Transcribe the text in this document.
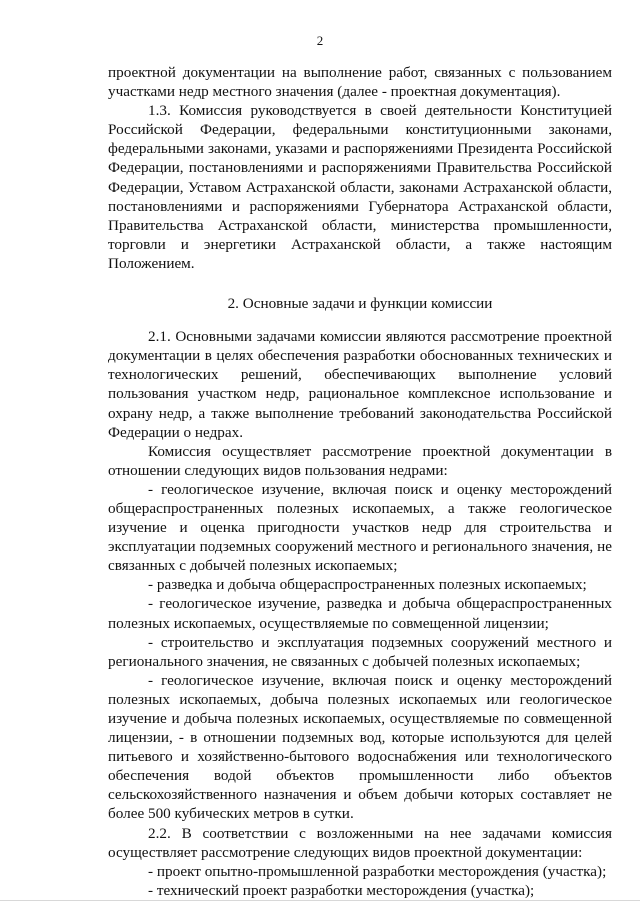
2

проектной документации на выполнение работ, связанных с пользованием участками недр местного значения (далее - проектная документация).

1.3. Комиссия руководствуется в своей деятельности Конституцией Российской Федерации, федеральными конституционными законами, федеральными законами, указами и распоряжениями Президента Российской Федерации, постановлениями и распоряжениями Правительства Российской Федерации, Уставом Астраханской области, законами Астраханской области, постановлениями и распоряжениями Губернатора Астраханской области, Правительства Астраханской области, министерства промышленности, торговли и энергетики Астраханской области, а также настоящим Положением.

2. Основные задачи и функции комиссии

2.1. Основными задачами комиссии являются рассмотрение проектной документации в целях обеспечения разработки обоснованных технических и технологических решений, обеспечивающих выполнение условий пользования участком недр, рациональное комплексное использование и охрану недр, а также выполнение требований законодательства Российской Федерации о недрах.

Комиссия осуществляет рассмотрение проектной документации в отношении следующих видов пользования недрами:

- геологическое изучение, включая поиск и оценку месторождений общераспространенных полезных ископаемых, а также геологическое изучение и оценка пригодности участков недр для строительства и эксплуатации подземных сооружений местного и регионального значения, не связанных с добычей полезных ископаемых;

- разведка и добыча общераспространенных полезных ископаемых;

- геологическое изучение, разведка и добыча общераспространенных полезных ископаемых, осуществляемые по совмещенной лицензии;

- строительство и эксплуатация подземных сооружений местного и регионального значения, не связанных с добычей полезных ископаемых;

- геологическое изучение, включая поиск и оценку месторождений полезных ископаемых, добыча полезных ископаемых или геологическое изучение и добыча полезных ископаемых, осуществляемые по совмещенной лицензии, - в отношении подземных вод, которые используются для целей питьевого и хозяйственно-бытового водоснабжения или технологического обеспечения водой объектов промышленности либо объектов сельскохозяйственного назначения и объем добычи которых составляет не более 500 кубических метров в сутки.

2.2. В соответствии с возложенными на нее задачами комиссия осуществляет рассмотрение следующих видов проектной документации:

- проект опытно-промышленной разработки месторождения (участка);

- технический проект разработки месторождения (участка);
